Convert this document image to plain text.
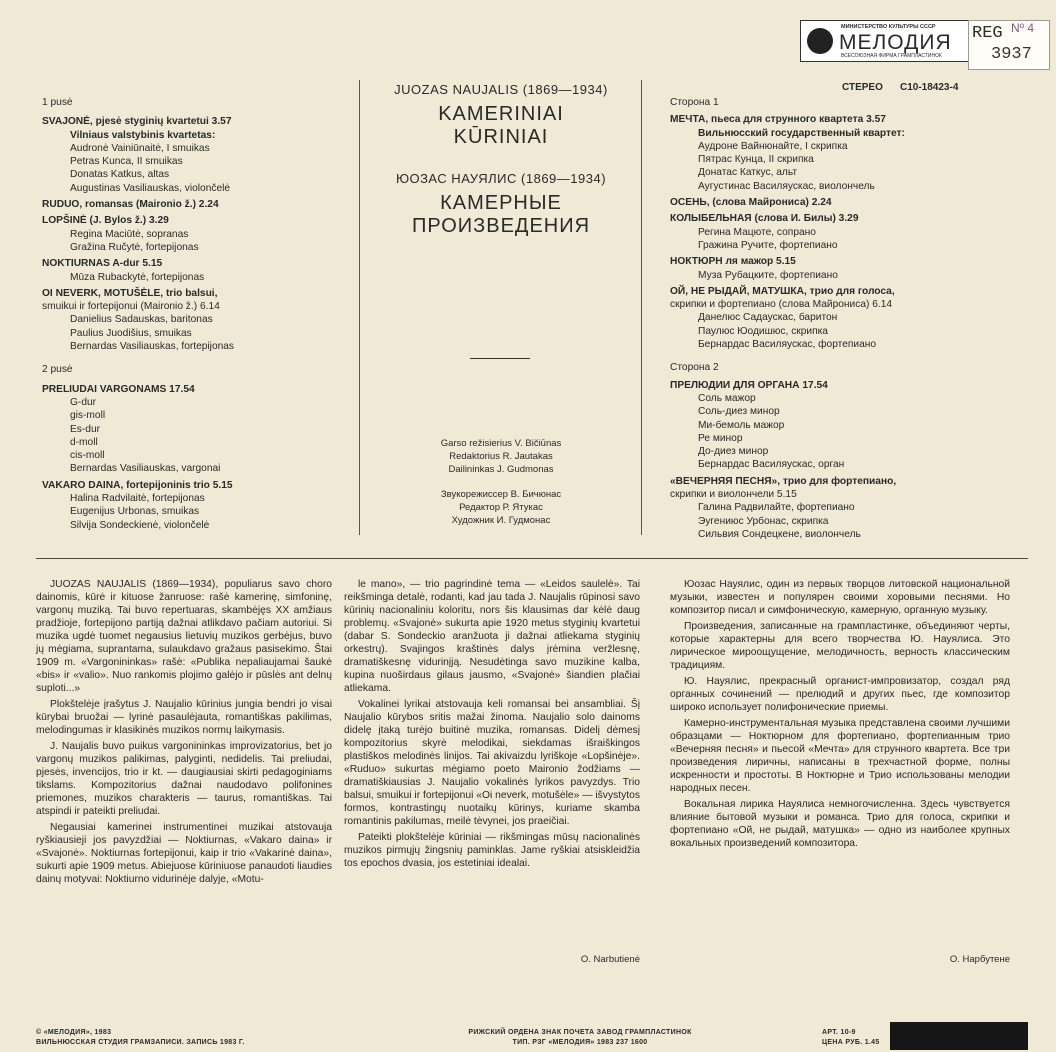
МИНИСТЕРСТВО КУЛЬТУРЫ СССР
МЕЛОДИЯ
ВСЕСОЮЗНАЯ ФИРМА ГРАМПЛАСТИНОК
REG
3937
Nº 4
СТЕРЕО С10-18423-4
1 pusė
SVAJONĖ, pjesė styginių kvartetui 3.57
Vilniaus valstybinis kvartetas:
Audronė Vainiūnaitė, I smuikas
Petras Kunca, II smuikas
Donatas Katkus, altas
Augustinas Vasiliauskas, violončelė
RUDUO, romansas (Maironio ž.) 2.24
LOPŠINĖ (J. Bylos ž.) 3.29
Regina Maciūtė, sopranas
Gražina Ručytė, fortepijonas
NOKTIURNAS A-dur 5.15
Mūza Rubackytė, fortepijonas
OI NEVERK, MOTUŠĖLE, trio balsui,
smuikui ir fortepijonui (Maironio ž.) 6.14
Danielius Sadauskas, baritonas
Paulius Juodišius, smuikas
Bernardas Vasiliauskas, fortepijonas
2 pusė
PRELIUDAI VARGONAMS 17.54
G-dur
gis-moll
Es-dur
d-moll
cis-moll
Bernardas Vasiliauskas, vargonai
VAKARO DAINA, fortepijoninis trio 5.15
Halina Radvilaitė, fortepijonas
Eugenijus Urbonas, smuikas
Silvija Sondeckienė, violončelė
JUOZAS NAUJALIS (1869—1934)
KAMERINIAI
KŪRINIAI
ЮОЗАС НАУЯЛИС (1869—1934)
КАМЕРНЫЕ
ПРОИЗВЕДЕНИЯ
Garso režisierius V. Bičiūnas
Redaktorius R. Jautakas
Dailininkas J. Gudmonas
Звукорежиссер В. Бичюнас
Редактор Р. Ятукас
Художник И. Гудмонас
Сторона 1
МЕЧТА, пьеса для струнного квартета 3.57
Вильнюсский государственный квартет:
Аудроне Вайнюнайте, I скрипка
Пятрас Кунца, II скрипка
Донатас Каткус, альт
Аугустинас Василяускас, виолончель
ОСЕНЬ, (слова Майрониса) 2.24
КОЛЫБЕЛЬНАЯ (слова И. Билы) 3.29
Регина Мацюте, сопрано
Гражина Ручите, фортепиано
НОКТЮРН ля мажор 5.15
Муза Рубацките, фортепиано
ОЙ, НЕ РЫДАЙ, МАТУШКА, трио для голоса,
скрипки и фортепиано (слова Майрониса) 6.14
Данелюс Садаускас, баритон
Паулюс Юодишюс, скрипка
Бернардас Василяускас, фортепиано
Сторона 2
ПРЕЛЮДИИ ДЛЯ ОРГАНА 17.54
Соль мажор
Соль-диез минор
Ми-бемоль мажор
Ре минор
До-диез минор
Бернардас Василяускас, орган
«ВЕЧЕРНЯЯ ПЕСНЯ», трио для фортепиано,
скрипки и виолончели 5.15
Галина Радвилайте, фортепиано
Эугениюс Урбонас, скрипка
Сильвия Сондецкене, виолончель

JUOZAS NAUJALIS (1869—1934), populiarus savo choro dainomis, kūrė ir kituose žanruose: rašė kamerinę, simfoninę, vargonų muziką. Tai buvo repertuaras, skambėjęs XX amžiaus pradžioje, fortepijono partiją dažnai atlikdavo pačiam autoriui. Si muzika ugdė tuomet negausius lietuvių muzikos gerbėjus, buvo jų mėgiama, suprantama, sulaukdavo gražaus pasisekimo. Štai 1909 m. «Vargonininkas» rašė: «Publika nepaliaujamai šaukė «bis» ir «valio». Nuo rankomis plojimo galėjo ir pūslės ant delnų suploti...»

Plokštelėje įrašytus J. Naujalio kūrinius jungia bendri jo visai kūrybai bruožai — lyrinė pasaulėjauta, romantiškas pakilimas, melodingumas ir klasikinės muzikos normų laikymasis.

J. Naujalis buvo puikus vargonininkas improvizatorius, bet jo vargonų muzikos palikimas, palyginti, nedidelis. Tai preliudai, pjesės, invencijos, trio ir kt. — daugiausiai skirti pedagoginiams tikslams. Kompozitorius dažnai naudodavo polifonines priemones, muzikos charakteris — taurus, romantiškas. Tai atspindi ir pateikti preliudai.

Negausiai kamerinei instrumentinei muzikai atstovauja ryškiausieji jos pavyzdžiai — Noktiurnas, «Vakaro daina» ir «Svajonė». Noktiurnas fortepijonui, kaip ir trio «Vakarinė daina», sukurti apie 1909 metus. Abiejuose kūriniuose panaudoti liaudies dainų motyvai: Noktiurno vidurinėje dalyje, «Motu-

le mano», — trio pagrindinė tema — «Leidos saulelė». Tai reikšminga detalė, rodanti, kad jau tada J. Naujalis rūpinosi savo kūrinių nacionaliniu koloritu, nors šis klausimas dar kėlė daug problemų. «Svajonė» sukurta apie 1920 metus styginių kvartetui (dabar S. Sondeckio aranžuota ji dažnai atliekama styginių orkestrų). Svajingos kraštinės dalys įrėmina veržlesnę, dramatiškesnę vidurinįją. Nesudėtinga savo muzikine kalba, kupina nuoširdaus gilaus jausmo, «Svajonė» šiandien plačiai atliekama.

Vokalinei lyrikai atstovauja keli romansai bei ansambliai. Šį Naujalio kūrybos sritis mažai žinoma. Naujalio solo dainoms didelę įtaką turėjo buitinė muzika, romansas. Didelį dėmesį kompozitorius skyrė melodikai, siekdamas išraiškingos plastiškos melodinės linijos. Tai akivaizdu lyriškoje «Lopšinėje». «Ruduo» sukurtas mėgiamo poeto Maironio žodžiams — dramatiškiausias J. Naujalio vokalinės lyrikos pavyzdys. Trio balsui, smuikui ir fortepijonui «Oi neverk, motušėle» — išvystytos formos, kontrastingų nuotaikų kūrinys, kuriame skamba romantinis pakilumas, meilė tėvynei, jos praeičiai.

Pateikti plokštelėje kūriniai — rikšmingas mūsų nacionalinės muzikos pirmųjų žingsnių paminklas. Jame ryškiai atsiskleidžia tos epochos dvasia, jos estetiniai idealai.

O. Narbutienė

Юозас Науялис, один из первых творцов литовской национальной музыки, известен и популярен своими хоровыми песнями. Но композитор писал и симфоническую, камерную, органную музыку.

Произведения, записанные на грампластинке, объединяют черты, которые характерны для всего творчества Ю. Науялиса. Это лирическое мироощущение, мелодичность, верность классическим традициям.

Ю. Науялис, прекрасный органист-импровизатор, создал ряд органных сочинений — прелюдий и других пьес, где композитор широко использует полифонические приемы.

Камерно-инструментальная музыка представлена своими лучшими образцами — Ноктюрном для фортепиано, фортепианным трио «Вечерняя песня» и пьесой «Мечта» для струнного квартета. Все три произведения лиричны, написаны в трехчастной форме, полны искренности и простоты. В Ноктюрне и Трио использованы мелодии народных песен.

Вокальная лирика Науялиса немногочисленна. Здесь чувствуется влияние бытовой музыки и романса. Трио для голоса, скрипки и фортепиано «Ой, не рыдай, матушка» — одно из наиболее крупных вокальных произведений композитора.

О. Нарбутене
© «МЕЛОДИЯ», 1983
ВИЛЬНЮССКАЯ СТУДИЯ ГРАМЗАПИСИ. ЗАПИСЬ 1983 Г.
РИЖСКИЙ ОРДЕНА ЗНАК ПОЧЕТА ЗАВОД ГРАМПЛАСТИНОК
ТИП. РЗГ «МЕЛОДИЯ» 1983 237 1600
АРТ. 10-9
ЦЕНА РУБ. 1.45
